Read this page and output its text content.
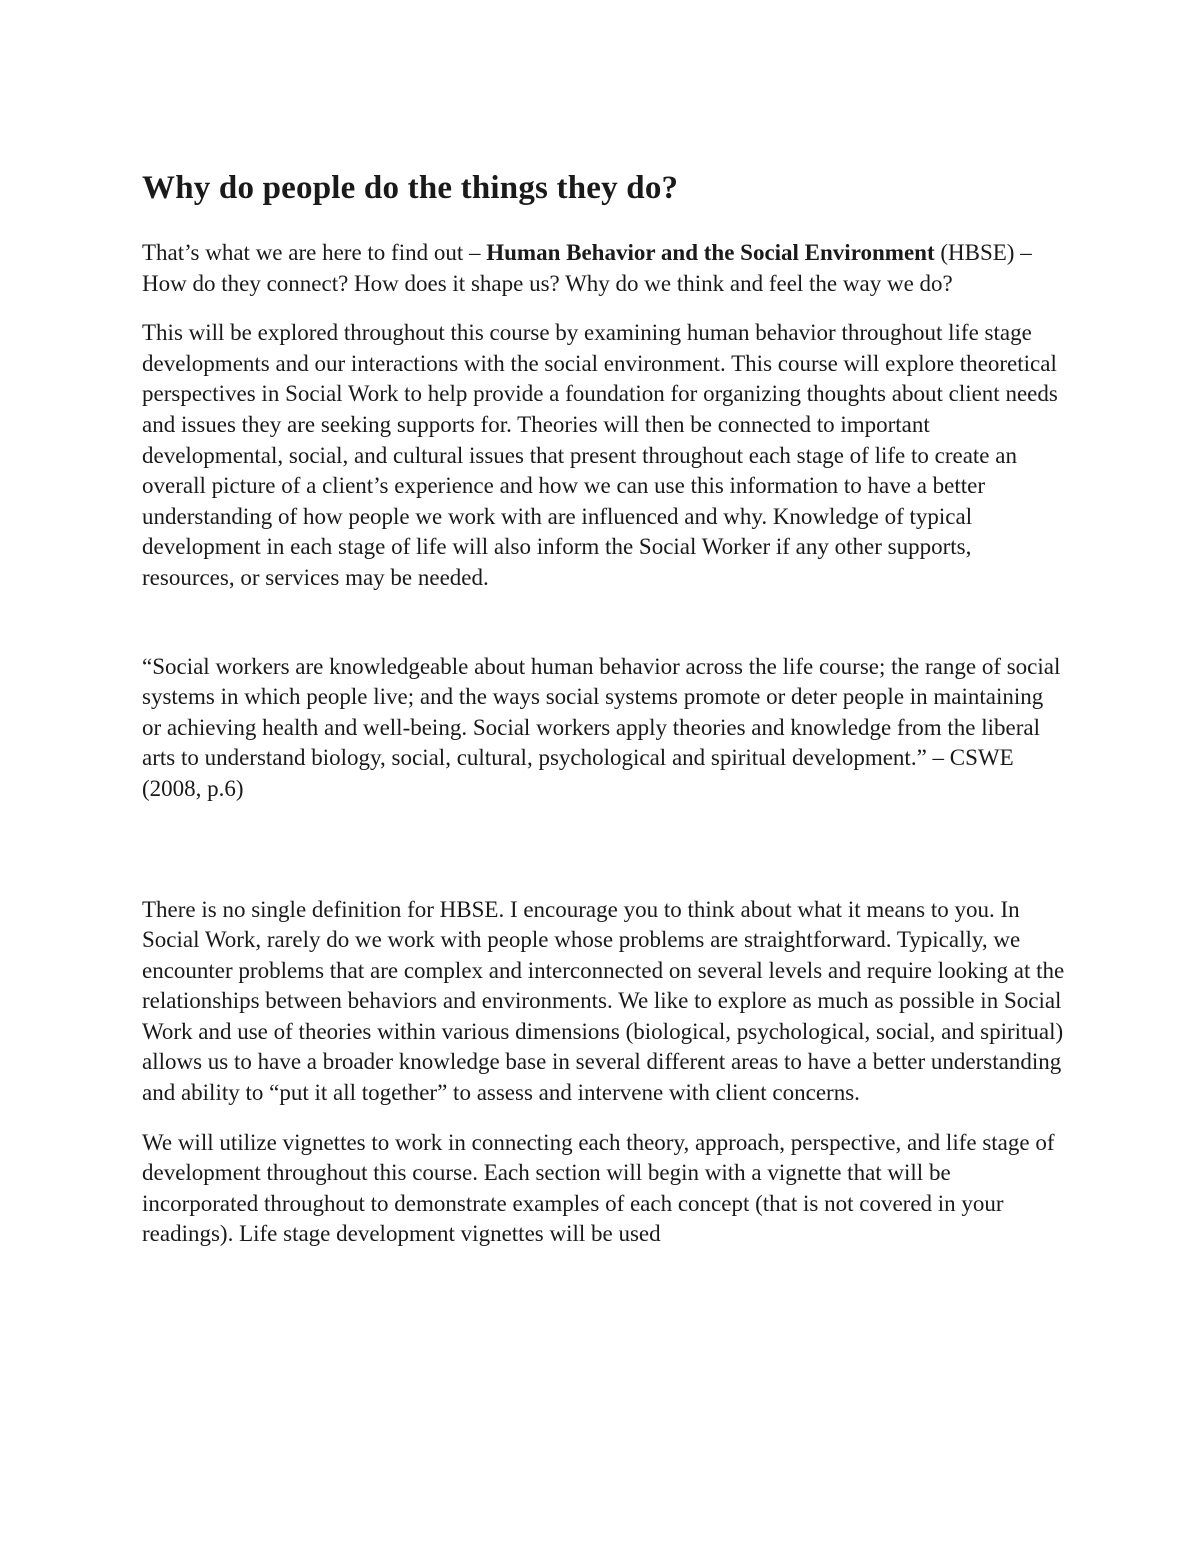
Why do people do the things they do?

That’s what we are here to find out – Human Behavior and the Social Environment (HBSE) – How do they connect? How does it shape us? Why do we think and feel the way we do?

This will be explored throughout this course by examining human behavior throughout life stage developments and our interactions with the social environment. This course will explore theoretical perspectives in Social Work to help provide a foundation for organizing thoughts about client needs and issues they are seeking supports for. Theories will then be connected to important developmental, social, and cultural issues that present throughout each stage of life to create an overall picture of a client’s experience and how we can use this information to have a better understanding of how people we work with are influenced and why. Knowledge of typical development in each stage of life will also inform the Social Worker if any other supports, resources, or services may be needed.

“Social workers are knowledgeable about human behavior across the life course; the range of social systems in which people live; and the ways social systems promote or deter people in maintaining or achieving health and well-being. Social workers apply theories and knowledge from the liberal arts to understand biology, social, cultural, psychological and spiritual development.” – CSWE (2008, p.6)

There is no single definition for HBSE. I encourage you to think about what it means to you. In Social Work, rarely do we work with people whose problems are straightforward. Typically, we encounter problems that are complex and interconnected on several levels and require looking at the relationships between behaviors and environments. We like to explore as much as possible in Social Work and use of theories within various dimensions (biological, psychological, social, and spiritual) allows us to have a broader knowledge base in several different areas to have a better understanding and ability to “put it all together” to assess and intervene with client concerns.

We will utilize vignettes to work in connecting each theory, approach, perspective, and life stage of development throughout this course. Each section will begin with a vignette that will be incorporated throughout to demonstrate examples of each concept (that is not covered in your readings). Life stage development vignettes will be used
